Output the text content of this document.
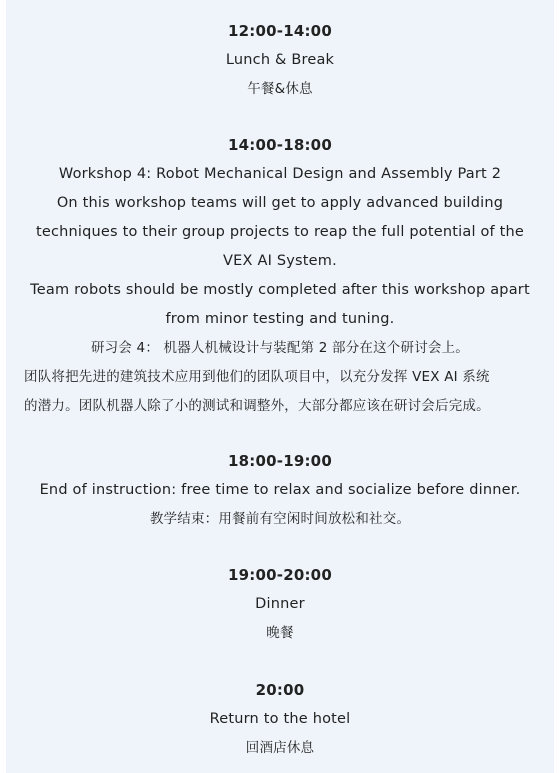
12:00-14:00
Lunch & Break
午餐&休息
14:00-18:00
Workshop 4: Robot Mechanical Design and Assembly Part 2
On this workshop teams will get to apply advanced building
techniques to their group projects to reap the full potential of the
VEX AI System.
Team robots should be mostly completed after this workshop apart
from minor testing and tuning.
研习会 4： 机器人机械设计与装配第 2 部分在这个研讨会上。
团队将把先进的建筑技术应用到他们的团队项目中，以充分发挥 VEX AI 系统
的潜力。团队机器人除了小的测试和调整外，大部分都应该在研讨会后完成。
18:00-19:00
End of instruction: free time to relax and socialize before dinner.
教学结束：用餐前有空闲时间放松和社交。
19:00-20:00
Dinner
晚餐
20:00
Return to the hotel
回酒店休息
